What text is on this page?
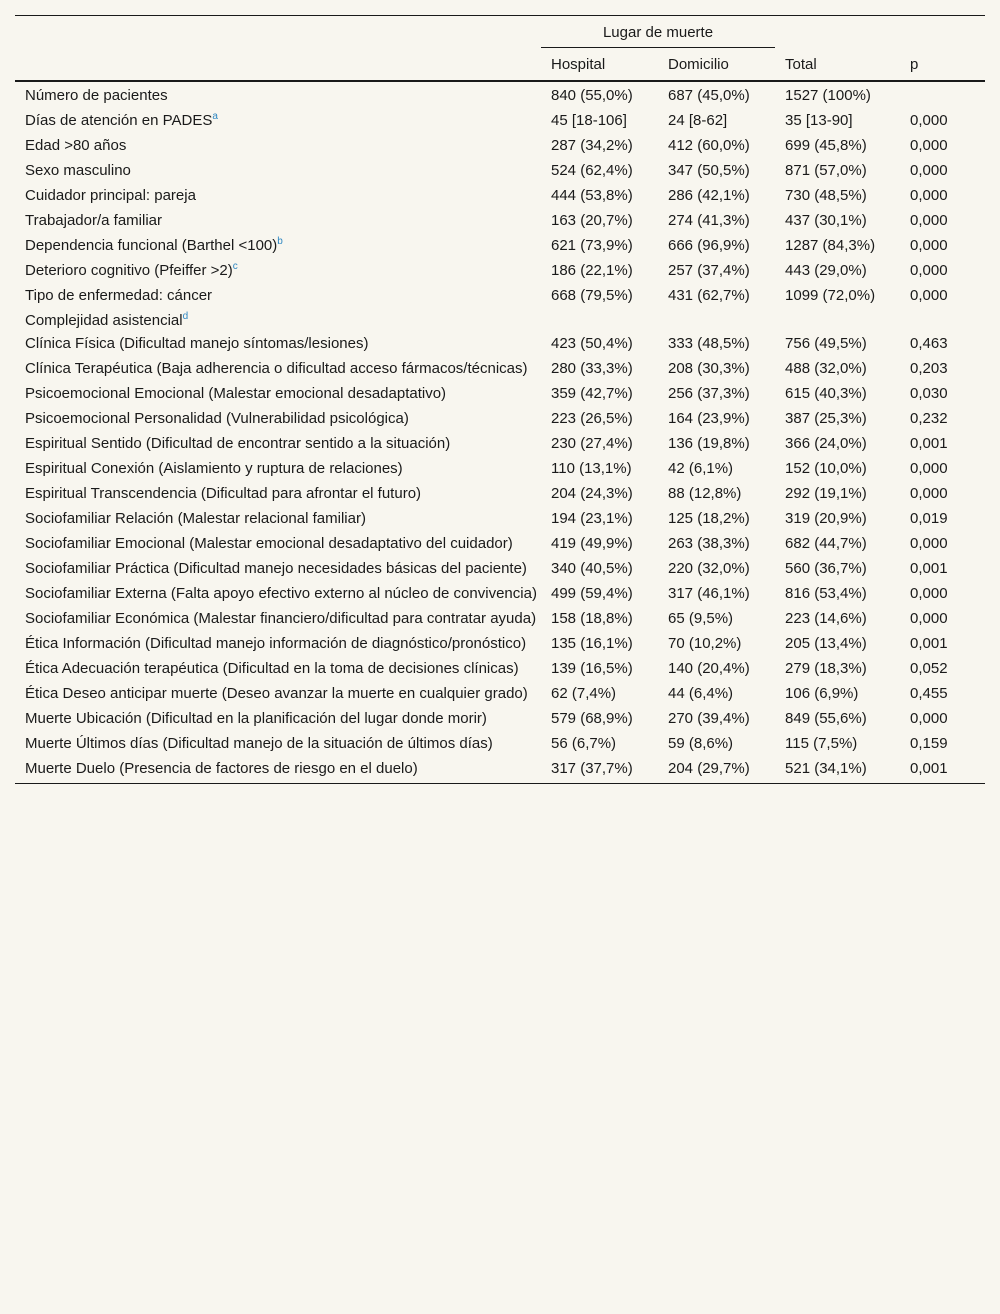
	Lugar de muerte	

	Hospital	Domicilio	Total	p
Número de pacientes	840 (55,0%)	687 (45,0%)	1527 (100%)	
Días de atención en PADES$^a$	45 [18-106]	24 [8-62]	35 [13-90]	0,000
Edad >80 años	287 (34,2%)	412 (60,0%)	699 (45,8%)	0,000
Sexo masculino	524 (62,4%)	347 (50,5%)	871 (57,0%)	0,000
Cuidador principal: pareja	444 (53,8%)	286 (42,1%)	730 (48,5%)	0,000
Trabajador/a familiar	163 (20,7%)	274 (41,3%)	437 (30,1%)	0,000
Dependencia funcional (Barthel <100)$^b$	621 (73,9%)	666 (96,9%)	1287 (84,3%)	0,000
Deterioro cognitivo (Pfeiffer >2)$^c$	186 (22,1%)	257 (37,4%)	443 (29,0%)	0,000
Tipo de enfermedad: cáncer	668 (79,5%)	431 (62,7%)	1099 (72,0%)	0,000
Complejidad asistencial$^d$				
Clínica Física (Dificultad manejo síntomas/lesiones)	423 (50,4%)	333 (48,5%)	756 (49,5%)	0,463
Clínica Terapéutica (Baja adherencia o dificultad acceso fármacos/técnicas)	280 (33,3%)	208 (30,3%)	488 (32,0%)	0,203
Psicoemocional Emocional (Malestar emocional desadaptativo)	359 (42,7%)	256 (37,3%)	615 (40,3%)	0,030
Psicoemocional Personalidad (Vulnerabilidad psicológica)	223 (26,5%)	164 (23,9%)	387 (25,3%)	0,232
Espiritual Sentido (Dificultad de encontrar sentido a la situación)	230 (27,4%)	136 (19,8%)	366 (24,0%)	0,001
Espiritual Conexión (Aislamiento y ruptura de relaciones)	110 (13,1%)	42 (6,1%)	152 (10,0%)	0,000
Espiritual Transcendencia (Dificultad para afrontar el futuro)	204 (24,3%)	88 (12,8%)	292 (19,1%)	0,000
Sociofamiliar Relación (Malestar relacional familiar)	194 (23,1%)	125 (18,2%)	319 (20,9%)	0,019
Sociofamiliar Emocional (Malestar emocional desadaptativo del cuidador)	419 (49,9%)	263 (38,3%)	682 (44,7%)	0,000
Sociofamiliar Práctica (Dificultad manejo necesidades básicas del paciente)	340 (40,5%)	220 (32,0%)	560 (36,7%)	0,001
Sociofamiliar Externa (Falta apoyo efectivo externo al núcleo de convivencia)	499 (59,4%)	317 (46,1%)	816 (53,4%)	0,000
Sociofamiliar Económica (Malestar financiero/dificultad para contratar ayuda)	158 (18,8%)	65 (9,5%)	223 (14,6%)	0,000
Ética Información (Dificultad manejo información de diagnóstico/pronóstico)	135 (16,1%)	70 (10,2%)	205 (13,4%)	0,001
Ética Adecuación terapéutica (Dificultad en la toma de decisiones clínicas)	139 (16,5%)	140 (20,4%)	279 (18,3%)	0,052
Ética Deseo anticipar muerte (Deseo avanzar la muerte en cualquier grado)	62 (7,4%)	44 (6,4%)	106 (6,9%)	0,455
Muerte Ubicación (Dificultad en la planificación del lugar donde morir)	579 (68,9%)	270 (39,4%)	849 (55,6%)	0,000
Muerte Últimos días (Dificultad manejo de la situación de últimos días)	56 (6,7%)	59 (8,6%)	115 (7,5%)	0,159
Muerte Duelo (Presencia de factores de riesgo en el duelo)	317 (37,7%)	204 (29,7%)	521 (34,1%)	0,001
